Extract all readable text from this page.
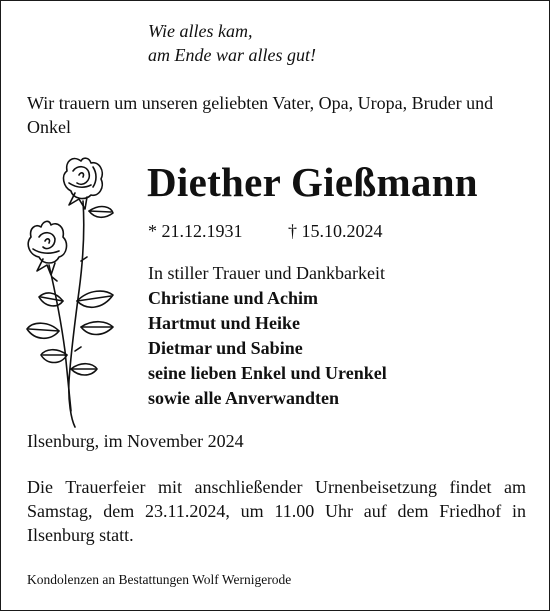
Wie alles kam,
am Ende war alles gut!
Wir trauern um unseren geliebten Vater, Opa, Uropa, Bruder und Onkel
Diether Gießmann
* 21.12.1931	† 15.10.2024
In stiller Trauer und Dankbarkeit
Christiane und Achim
Hartmut und Heike
Dietmar und Sabine
seine lieben Enkel und Urenkel
sowie alle Anverwandten
Ilsenburg, im November 2024
Die Trauerfeier mit anschließender Urnenbeisetzung findet am Samstag, dem 23.11.2024, um 11.00 Uhr auf dem Friedhof in Ilsenburg statt.
Kondolenzen an Bestattungen Wolf Wernigerode
